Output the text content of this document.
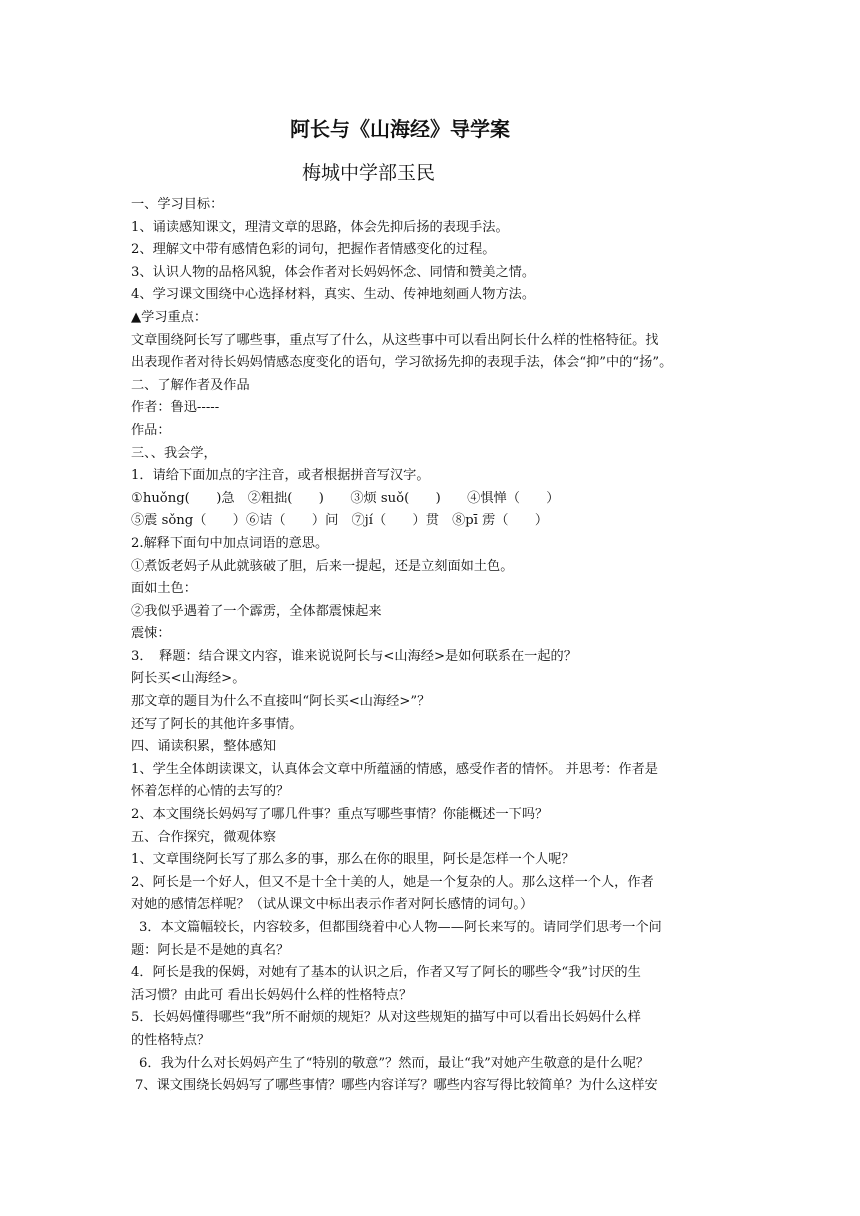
阿长与《山海经》导学案
梅城中学部玉民

一、学习目标：

1、诵读感知课文，理清文章的思路，体会先抑后扬的表现手法。

2、理解文中带有感情色彩的词句，把握作者情感变化的过程。

3、认识人物的品格风貌，体会作者对长妈妈怀念、同情和赞美之情。

4、学习课文围绕中心选择材料，真实、生动、传神地刻画人物方法。

▲学习重点：

文章围绕阿长写了哪些事，重点写了什么，从这些事中可以看出阿长什么样的性格特征。找

出表现作者对待长妈妈情感态度变化的语句，学习欲扬先抑的表现手法，体会“抑”中的“扬”。

二、了解作者及作品

作者：鲁迅-----

作品：

三、、我会学，

1．请给下面加点的字注音，或者根据拼音写汉字。

①huǒng(　　)急　②粗拙(　　)　　③烦 suǒ(　　)　　④惧惮（　　）

⑤震 sǒng（　　）⑥诘（　　）问　⑦jí（　　）贯　⑧pī 雳（　　）

2.解释下面句中加点词语的意思。

①煮饭老妈子从此就骇破了胆，后来一提起，还是立刻面如土色。

面如土色：

②我似乎遇着了一个霹雳，全体都震悚起来

震悚：

3．　释题：结合课文内容，谁来说说阿长与<山海经>是如何联系在一起的？

阿长买<山海经>。

那文章的题目为什么不直接叫“阿长买<山海经>”？

还写了阿长的其他许多事情。

四、诵读积累，整体感知

1、学生全体朗读课文，认真体会文章中所蕴涵的情感，感受作者的情怀。 并思考：作者是

怀着怎样的心情的去写的？

2、本文围绕长妈妈写了哪几件事？重点写哪些事情？你能概述一下吗？

五、合作探究，微观体察

1、文章围绕阿长写了那么多的事，那么在你的眼里，阿长是怎样一个人呢？

2、阿长是一个好人，但又不是十全十美的人，她是一个复杂的人。那么这样一个人，作者

对她的感情怎样呢？（试从课文中标出表示作者对阿长感情的词句。）

3．本文篇幅较长，内容较多，但都围绕着中心人物——阿长来写的。请同学们思考一个问

题：阿长是不是她的真名？

4．阿长是我的保姆，对她有了基本的认识之后，作者又写了阿长的哪些令“我”讨厌的生

活习惯？由此可 看出长妈妈什么样的性格特点？

5．长妈妈懂得哪些“我”所不耐烦的规矩？从对这些规矩的描写中可以看出长妈妈什么样

的性格特点？

6．我为什么对长妈妈产生了“特别的敬意”？然而，最让“我”对她产生敬意的是什么呢？

7、课文围绕长妈妈写了哪些事情？哪些内容详写？哪些内容写得比较简单？为什么这样安
